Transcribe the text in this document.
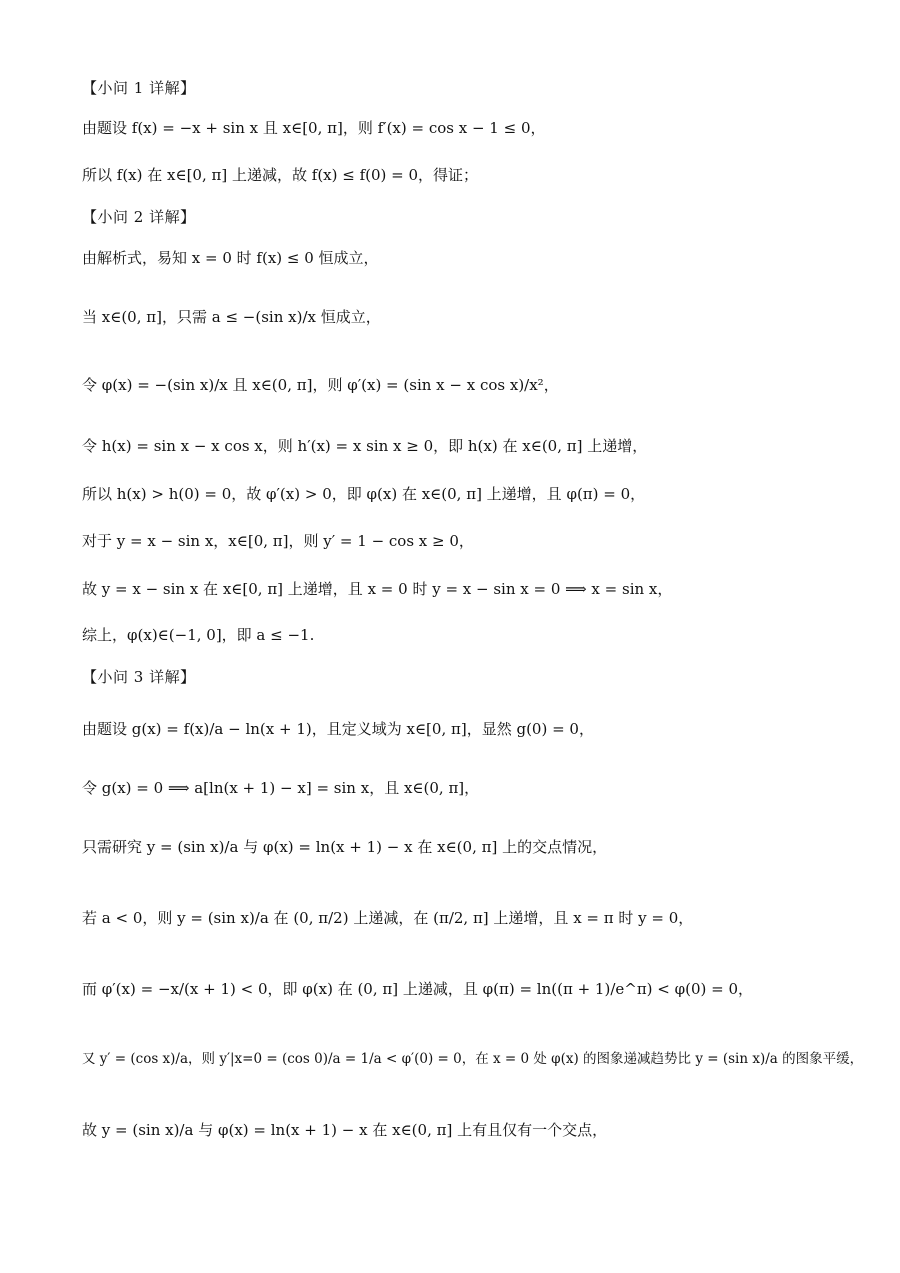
【小问 1 详解】
由题设 f(x) = −x + sin x 且 x∈[0, π]，则 f′(x) = cos x − 1 ≤ 0，
所以 f(x) 在 x∈[0, π] 上递减，故 f(x) ≤ f(0) = 0，得证；
【小问 2 详解】
由解析式，易知 x = 0 时 f(x) ≤ 0 恒成立，
当 x∈(0, π]，只需 a ≤ −(sin x)/x 恒成立，
令 φ(x) = −(sin x)/x 且 x∈(0, π]，则 φ′(x) = (sin x − x cos x)/x²，
令 h(x) = sin x − x cos x，则 h′(x) = x sin x ≥ 0，即 h(x) 在 x∈(0, π] 上递增，
所以 h(x) > h(0) = 0，故 φ′(x) > 0，即 φ(x) 在 x∈(0, π] 上递增，且 φ(π) = 0，
对于 y = x − sin x，x∈[0, π]，则 y′ = 1 − cos x ≥ 0，
故 y = x − sin x 在 x∈[0, π] 上递增，且 x = 0 时 y = x − sin x = 0 ⟹ x = sin x，
综上，φ(x)∈(−1, 0]，即 a ≤ −1.
【小问 3 详解】
由题设 g(x) = f(x)/a − ln(x + 1)，且定义域为 x∈[0, π]，显然 g(0) = 0，
令 g(x) = 0 ⟹ a[ln(x + 1) − x] = sin x，且 x∈(0, π]，
只需研究 y = (sin x)/a 与 φ(x) = ln(x + 1) − x 在 x∈(0, π] 上的交点情况，
若 a < 0，则 y = (sin x)/a 在 (0, π/2) 上递减，在 (π/2, π] 上递增，且 x = π 时 y = 0，
而 φ′(x) = −x/(x + 1) < 0，即 φ(x) 在 (0, π] 上递减，且 φ(π) = ln((π + 1)/e^π) < φ(0) = 0，
又 y′ = (cos x)/a，则 y′|x=0 = (cos 0)/a = 1/a < φ′(0) = 0，在 x = 0 处 φ(x) 的图象递减趋势比 y = (sin x)/a 的图象平缓，
故 y = (sin x)/a 与 φ(x) = ln(x + 1) − x 在 x∈(0, π] 上有且仅有一个交点，
